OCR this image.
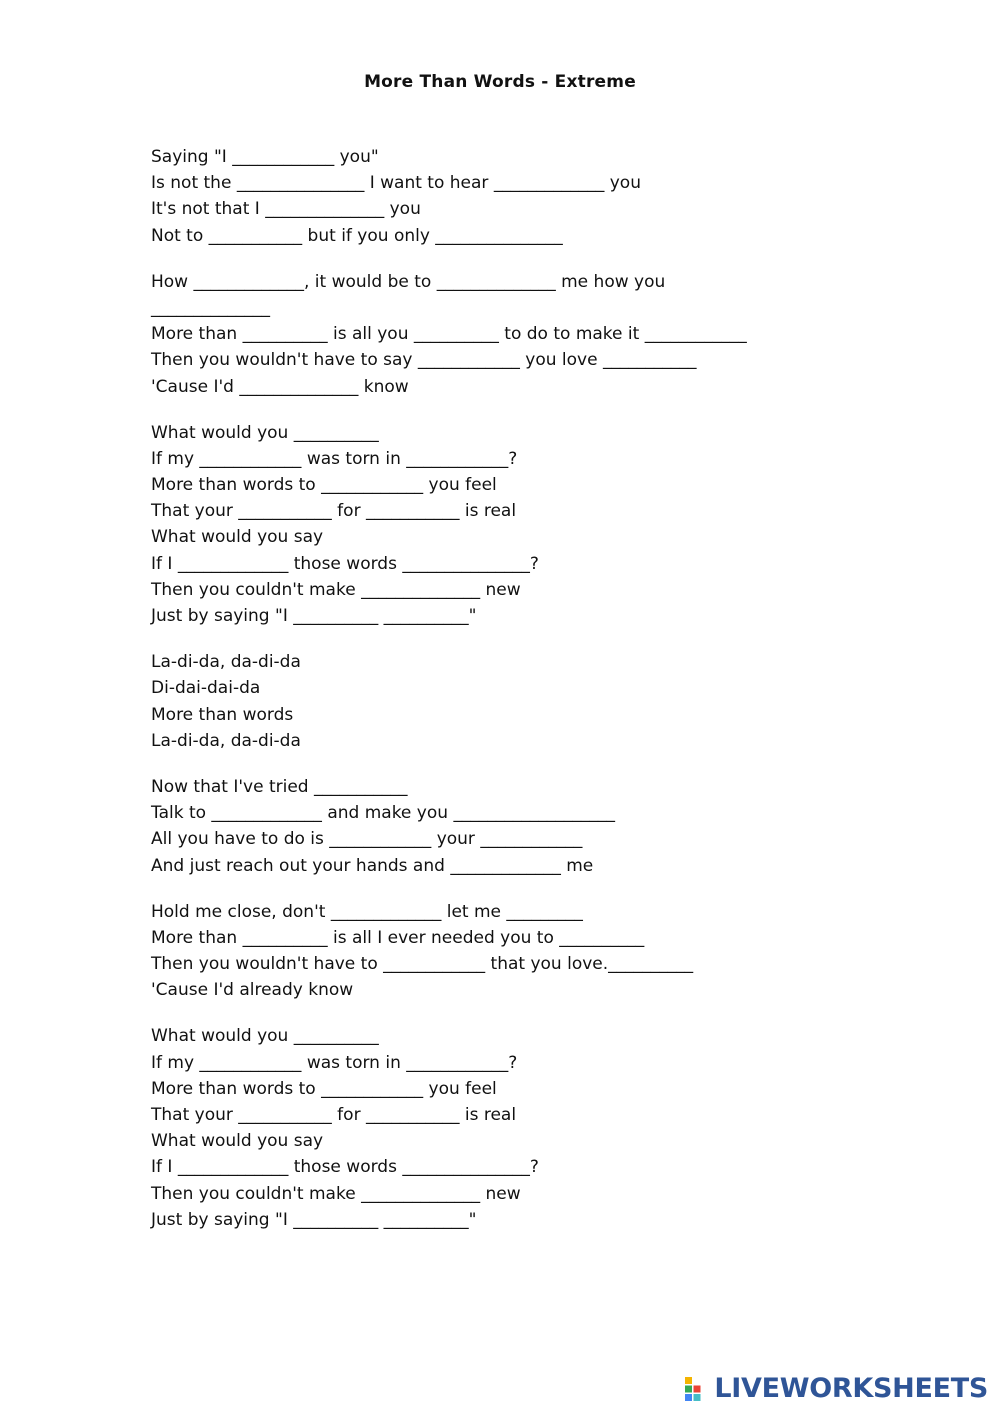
More Than Words - Extreme
Saying "I ____________ you"
Is not the _______________ I want to hear _____________ you
It's not that I ______________ you
Not to ___________ but if you only _______________
How _____________, it would be to ______________ me how you
______________
More than __________ is all you __________ to do to make it ____________
Then you wouldn't have to say ____________ you love ___________
'Cause I'd ______________ know
What would you __________
If my ____________ was torn in ____________?
More than words to ____________ you feel
That your ___________ for ___________ is real
What would you say
If I _____________ those words _______________?
Then you couldn't make ______________ new
Just by saying "I __________ __________"
La-di-da, da-di-da
Di-dai-dai-da
More than words
La-di-da, da-di-da
Now that I've tried ___________
Talk to _____________ and make you ___________________
All you have to do is ____________ your ____________
And just reach out your hands and _____________ me
Hold me close, don't _____________ let me _________
More than __________ is all I ever needed you to __________
Then you wouldn't have to ____________ that you love.__________
'Cause I'd already know
What would you __________
If my ____________ was torn in ____________?
More than words to ____________ you feel
That your ___________ for ___________ is real
What would you say
If I _____________ those words _______________?
Then you couldn't make ______________ new
Just by saying "I __________ __________"
LIVEWORKSHEETS
